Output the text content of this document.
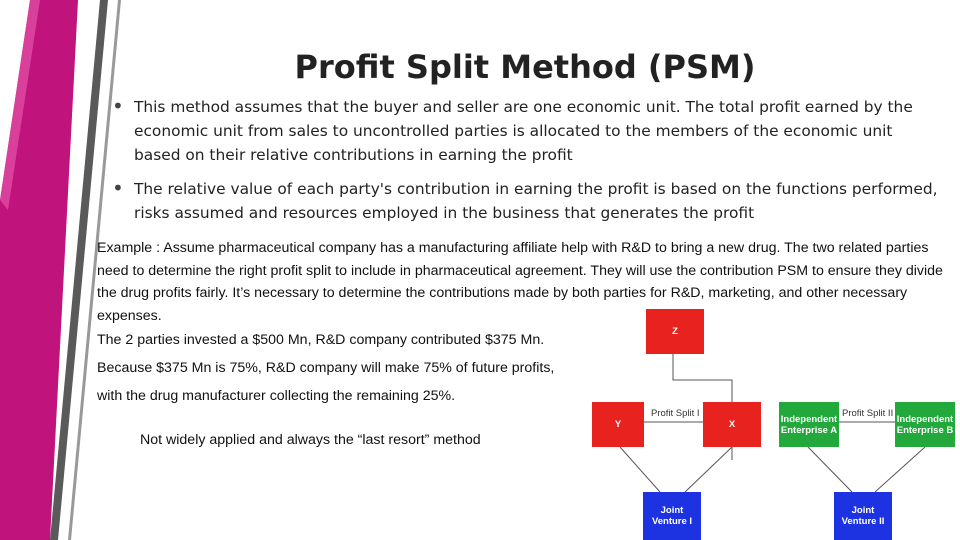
Profit Split Method (PSM)
• This method assumes that the buyer and seller are one economic unit. The total profit earned by the economic unit from sales to uncontrolled parties is allocated to the members of the economic unit based on their relative contributions in earning the profit
• The relative value of each party's contribution in earning the profit is based on the functions performed, risks assumed and resources employed in the business that generates the profit

Example : Assume pharmaceutical company has a manufacturing affiliate help with R&D to bring a new drug. The two related parties need to determine the right profit split to include in pharmaceutical agreement. They will use the contribution PSM to ensure they divide the drug profits fairly. It’s necessary to determine the contributions made by both parties for R&D, marketing, and other necessary expenses.

The 2 parties invested a $500 Mn, R&D company contributed $375 Mn.
Because $375 Mn is 75%, R&D company will make 75% of future profits,
with the drug manufacturer collecting the remaining 25%.
Not widely applied and always the “last resort” method
Z
Y	X
Profit Split I	Independent Enterprise A
Independent Enterprise B
Profit Split II
Joint Venture I
Joint Venture II
